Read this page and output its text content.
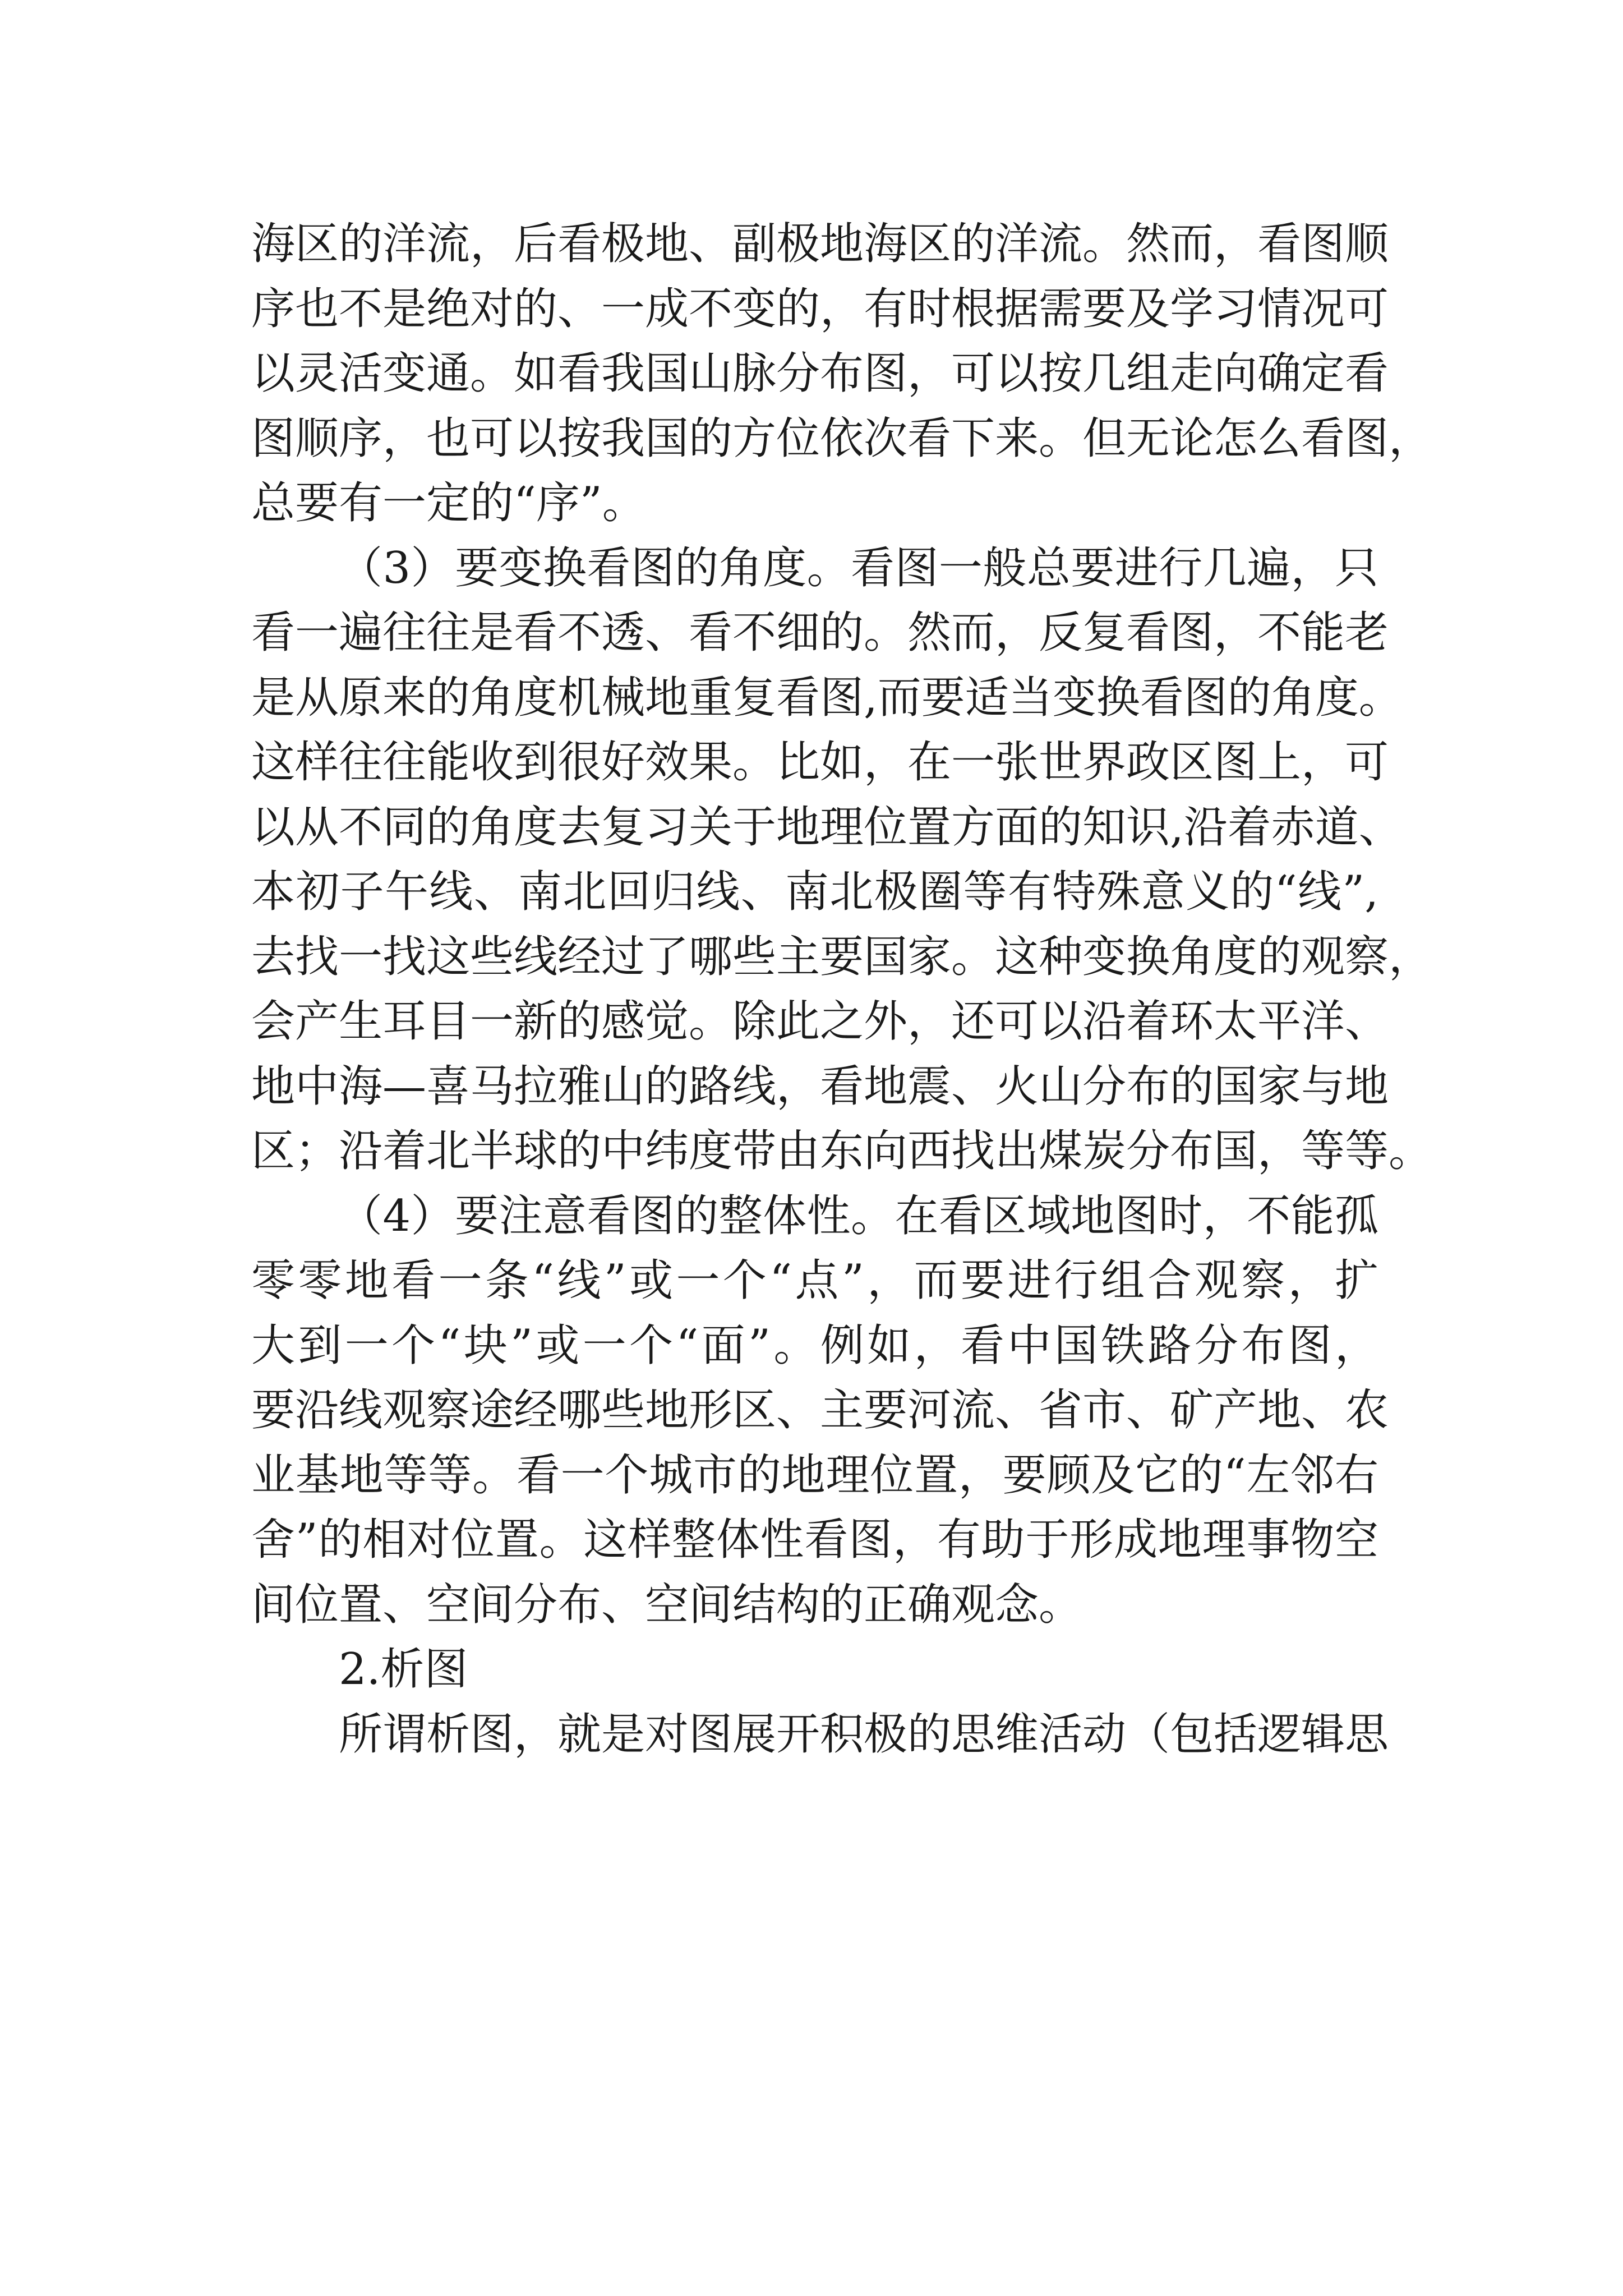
海区的洋流，后看极地、副极地海区的洋流。然而，看图顺
序也不是绝对的、一成不变的，有时根据需要及学习情况可
以灵活变通。如看我国山脉分布图，可以按几组走向确定看
图顺序，也可以按我国的方位依次看下来。但无论怎么看图，
总要有一定的“序”。
（3）要变换看图的角度。看图一般总要进行几遍，只
看一遍往往是看不透、看不细的。然而，反复看图，不能老
是从原来的角度机械地重复看图,而要适当变换看图的角度。
这样往往能收到很好效果。比如，在一张世界政区图上，可
以从不同的角度去复习关于地理位置方面的知识,沿着赤道、
本初子午线、南北回归线、南北极圈等有特殊意义的“线”,
去找一找这些线经过了哪些主要国家。这种变换角度的观察，
会产生耳目一新的感觉。除此之外，还可以沿着环太平洋、
地中海—喜马拉雅山的路线，看地震、火山分布的国家与地
区；沿着北半球的中纬度带由东向西找出煤炭分布国，等等。
（4）要注意看图的整体性。在看区域地图时，不能孤
零零地看一条“线”或一个“点”，而要进行组合观察，扩
大到一个“块”或一个“面”。例如，看中国铁路分布图，
要沿线观察途经哪些地形区、主要河流、省市、矿产地、农
业基地等等。看一个城市的地理位置，要顾及它的“左邻右
舍”的相对位置。这样整体性看图，有助于形成地理事物空
间位置、空间分布、空间结构的正确观念。
2.析图
所谓析图，就是对图展开积极的思维活动（包括逻辑思
